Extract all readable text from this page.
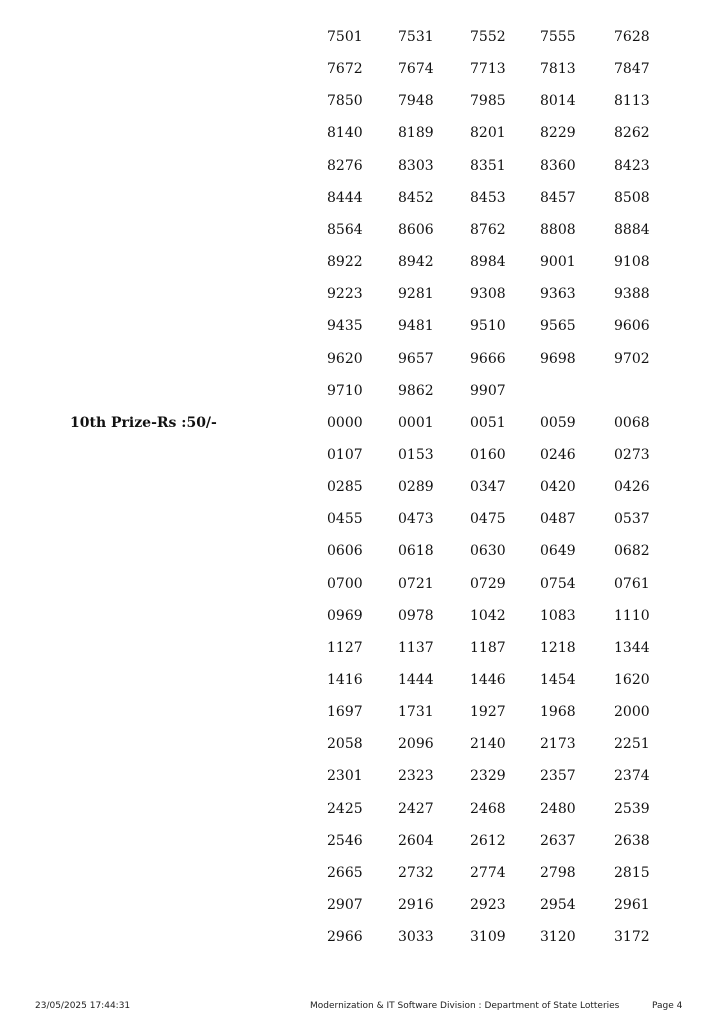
7501	7531	7552 7555	7628
7672	7674	7713 7813	7847
7850	7948	7985 8014	8113
8140	8189	8201 8229	8262
8276	8303	8351 8360	8423
8444	8452	8453 8457	8508
8564	8606	8762 8808	8884
8922	8942	8984 9001	9108
9223	9281	9308 9363	9388
9435	9481	9510 9565	9606
9620	9657	9666 9698	9702
9710	9862	9907
10th Prize-Rs :50/-	0000	0001	0051 0059	0068
0107	0153	0160 0246	0273
0285	0289	0347 0420	0426
0455	0473	0475 0487	0537
0606	0618	0630 0649	0682
0700	0721	0729 0754	0761
0969	0978	1042 1083	1110
1127	1137	1187 1218	1344
1416	1444	1446 1454	1620
1697	1731	1927 1968	2000
2058	2096	2140 2173	2251
2301	2323	2329 2357	2374
2425	2427	2468 2480	2539
2546	2604	2612 2637	2638
2665	2732	2774 2798	2815
2907	2916	2923 2954	2961
2966	3033	3109 3120	3172
23/05/2025 17:44:31	Modernization & IT Software Division : Department of State Lotteries	Page 4
